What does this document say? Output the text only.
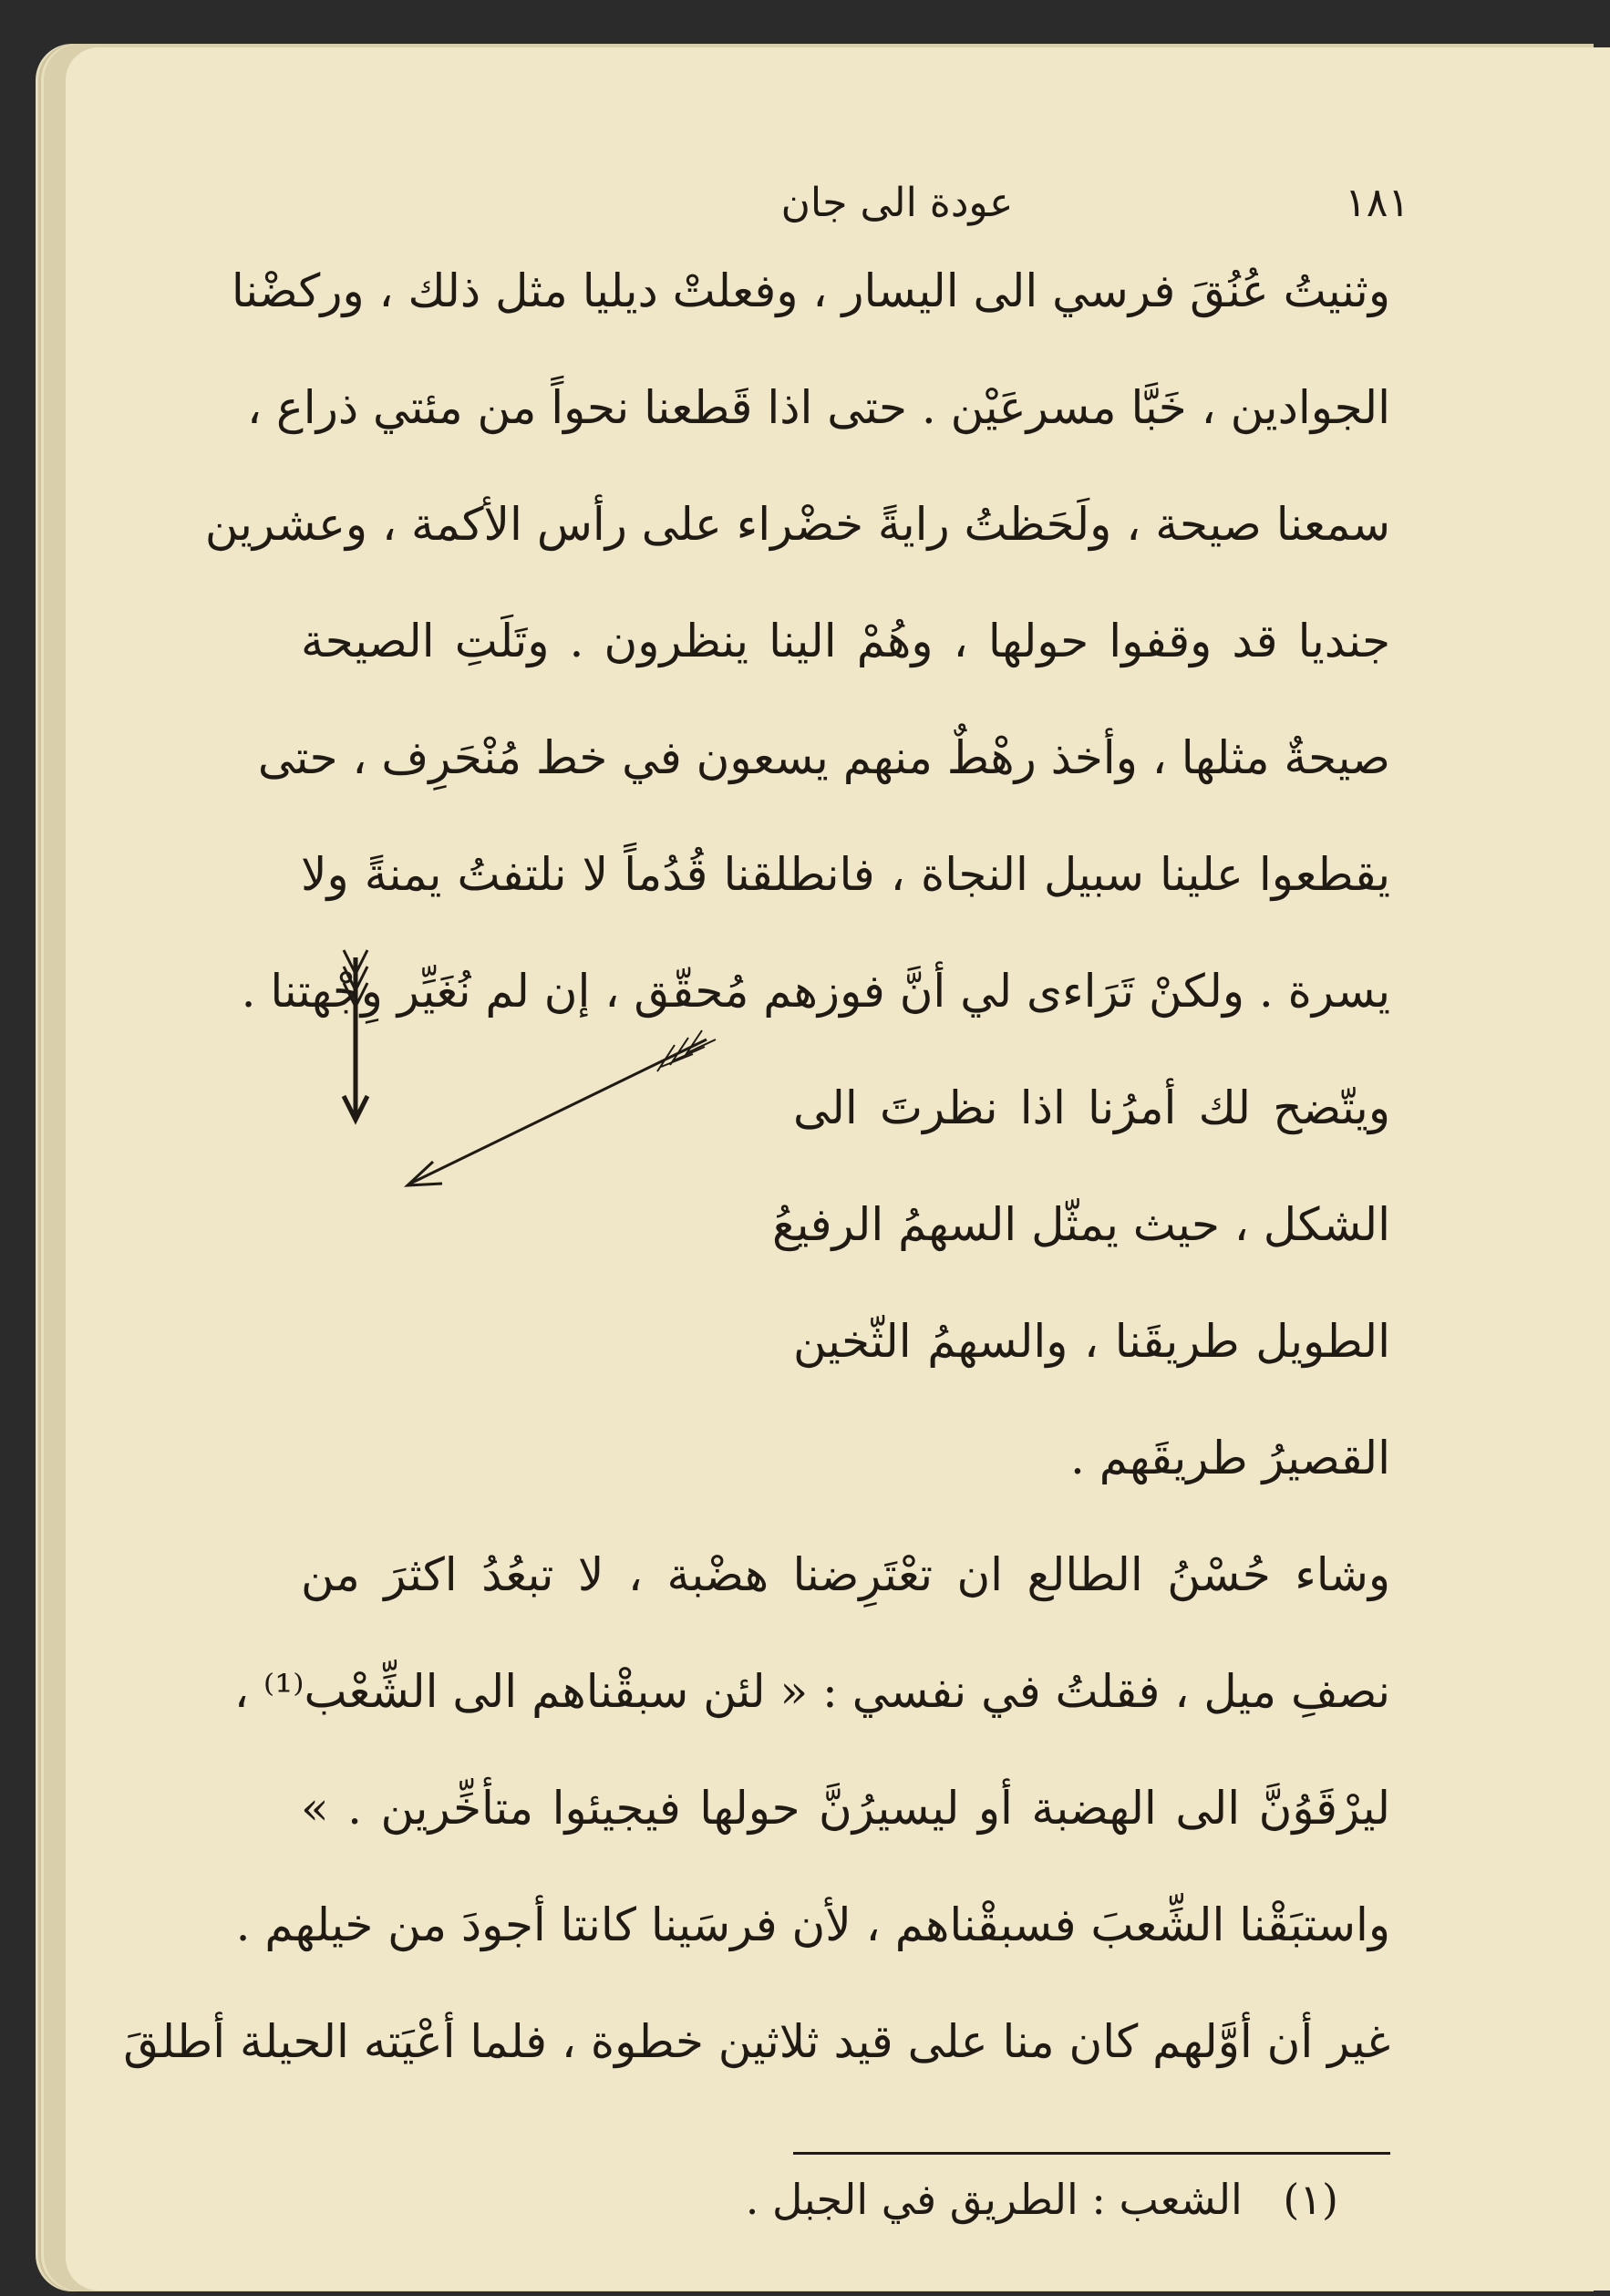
عودة الى جان	١٨١
وثنيتُ عُنُقَ فرسي الى اليسار ، وفعلتْ ديليا مثل ذلك ، وركضْنا
الجوادين ، خَبَّا مسرعَيْن . حتى اذا قَطعنا نحواً من مئتي ذراع ،
سمعنا صيحة ، ولَحَظتُ رايةً خضْراء على رأس الأكمة ، وعشرين
جنديا قد وقفوا حولها ، وهُمْ الينا ينظرون . وتَلَتِ الصيحة
صيحةٌ مثلها ، وأخذ رهْطٌ منهم يسعون في خط مُنْحَرِف ، حتى
يقطعوا علينا سبيل النجاة ، فانطلقنا قُدُماً لا نلتفتُ يمنةً ولا
يسرة . ولكنْ تَرَاءى لي أنَّ فوزهم مُحقّق ، إن لم نُغَيِّر وِجْهتنا .
ويتّضح لك أمرُنا اذا نظرتَ الى
الشكل ، حيث يمثّل السهمُ الرفيعُ
الطويل طريقَنا ، والسهمُ الثّخين
القصيرُ طريقَهم .
وشاء حُسْنُ الطالع ان تعْتَرِضنا هضْبة ، لا تبعُدُ اكثرَ من
نصفِ ميل ، فقلتُ في نفسي : « لئن سبقْناهم الى الشِّعْب⁽¹⁾ ،
ليرْقَوُنَّ الى الهضبة أو ليسيرُنَّ حولها فيجيئوا متأخِّرين . »
واستبَقْنا الشِّعبَ فسبقْناهم ، لأن فرسَينا كانتا أجودَ من خيلهم .
غير أن أوَّلهم كان منا على قيد ثلاثين خطوة ، فلما أعْيَته الحيلة أطلقَ
(١) الشعب : الطريق في الجبل .
